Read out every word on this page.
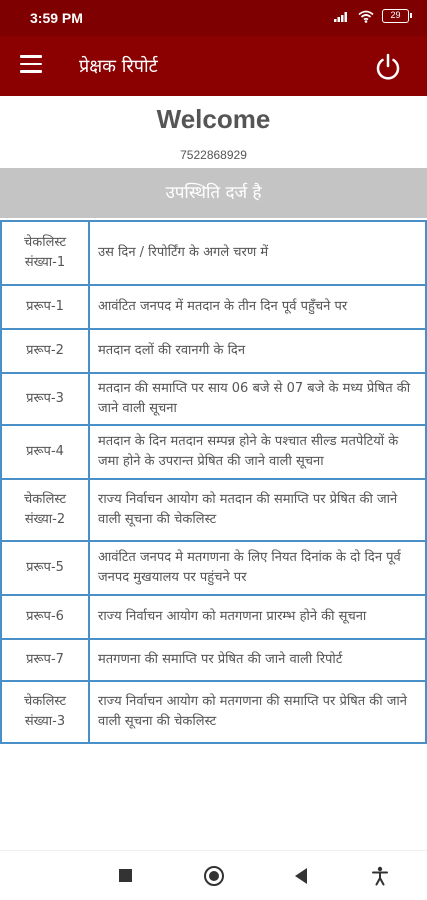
3:59 PM	29
प्रेक्षक रिपोर्ट
Welcome
7522868929
उपस्थिति दर्ज है
चेकलिस्ट संख्या-1	उस दिन / रिपोर्टिंग के अगले चरण में
प्ररूप-1	आवंटित जनपद में मतदान के तीन दिन पूर्व पहुँचने पर
प्ररूप-2	मतदान दलों की रवानगी के दिन
प्ररूप-3	मतदान की समाप्ति पर साय 06 बजे से 07 बजे के मध्य प्रेषित की जाने वाली सूचना
प्ररूप-4	मतदान के दिन मतदान सम्पन्न होने के पश्चात सील्ड मतपेटियों के जमा होने के उपरान्त प्रेषित की जाने वाली सूचना
चेकलिस्ट संख्या-2	राज्य निर्वाचन आयोग को मतदान की समाप्ति पर प्रेषित की जाने वाली सूचना की चेकलिस्ट
प्ररूप-5	आवंटित जनपद मे मतगणना के लिए नियत दिनांक के दो दिन पूर्व जनपद मुखयालय पर पहुंचने पर
प्ररूप-6	राज्य निर्वाचन आयोग को मतगणना प्रारम्भ होने की सूचना
प्ररूप-7	मतगणना की समाप्ति पर प्रेषित की जाने वाली रिपोर्ट
चेकलिस्ट संख्या-3	राज्य निर्वाचन आयोग को मतगणना की समाप्ति पर प्रेषित की जाने वाली सूचना की चेकलिस्ट
